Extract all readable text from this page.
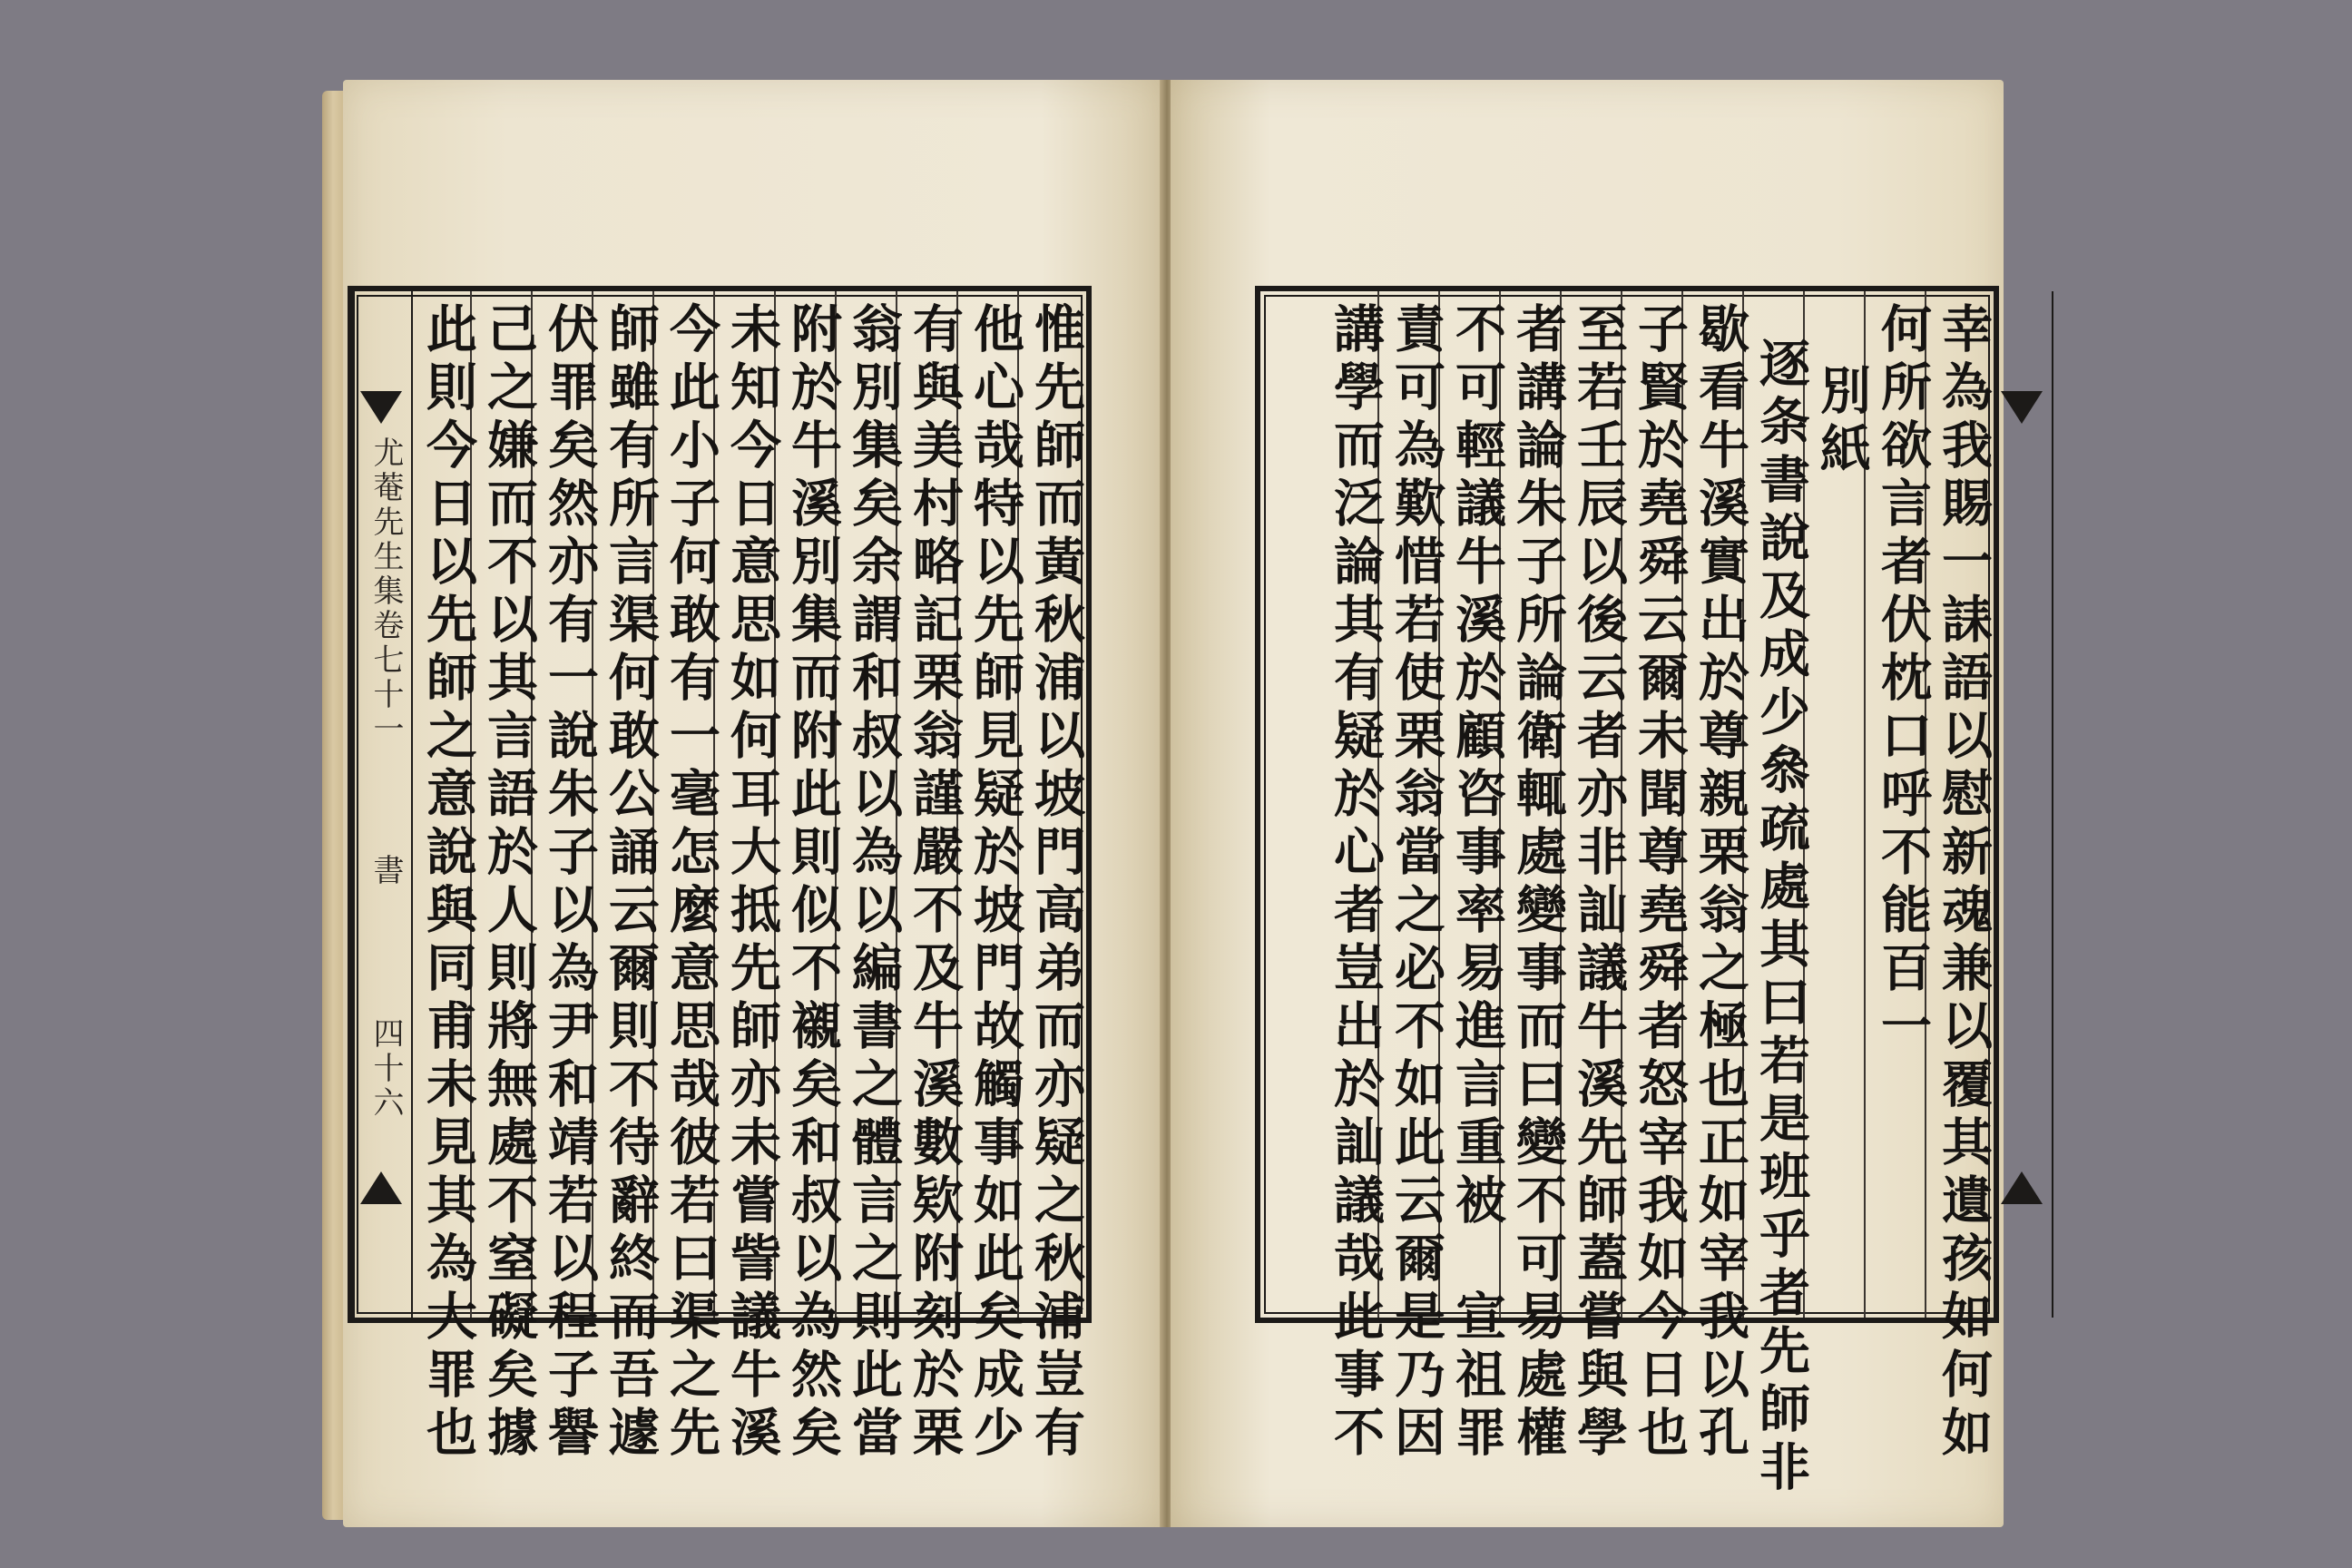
尤菴先生集卷七十一
書
四十六	惟先師而黃秋浦以坡門高弟而亦疑之秋浦豈有
他心哉特以先師見疑於坡門故觸事如此矣成少
有與美村略記栗翁謹嚴不及牛溪數欵附刻於栗
翁別集矣余謂和叔以為以編書之體言之則此當
附於牛溪別集而附此則似不襯矣和叔以為然矣
未知今日意思如何耳大抵先師亦未嘗訾議牛溪
今此小子何敢有一毫怎麼意思哉彼若曰渠之先
師雖有所言渠何敢公誦云爾則不待辭終而吾遽
伏罪矣然亦有一說朱子以為尹和靖若以程子譽
己之嫌而不以其言語於人則將無處不窒礙矣據
此則今日以先師之意說與同甫未見其為大罪也	幸為我賜一誄語以慰新魂兼以覆其遺孩如何如
何所欲言者伏枕口呼不能百一
別紙
逐条書說及成少叅疏處其曰若是班乎者先師非
歇看牛溪實出於尊親栗翁之極也正如宰我以孔
子賢於堯舜云爾未聞尊堯舜者怒宰我如今日也
至若壬辰以後云者亦非訕議牛溪先師蓋嘗與學
者講論朱子所論衛輒處變事而曰變不可易處權
不可輕議牛溪於顧咨事率易進言重被　宣祖罪
責可為歎惜若使栗翁當之必不如此云爾是乃因
講學而泛論其有疑於心者豈出於訕議哉此事不
